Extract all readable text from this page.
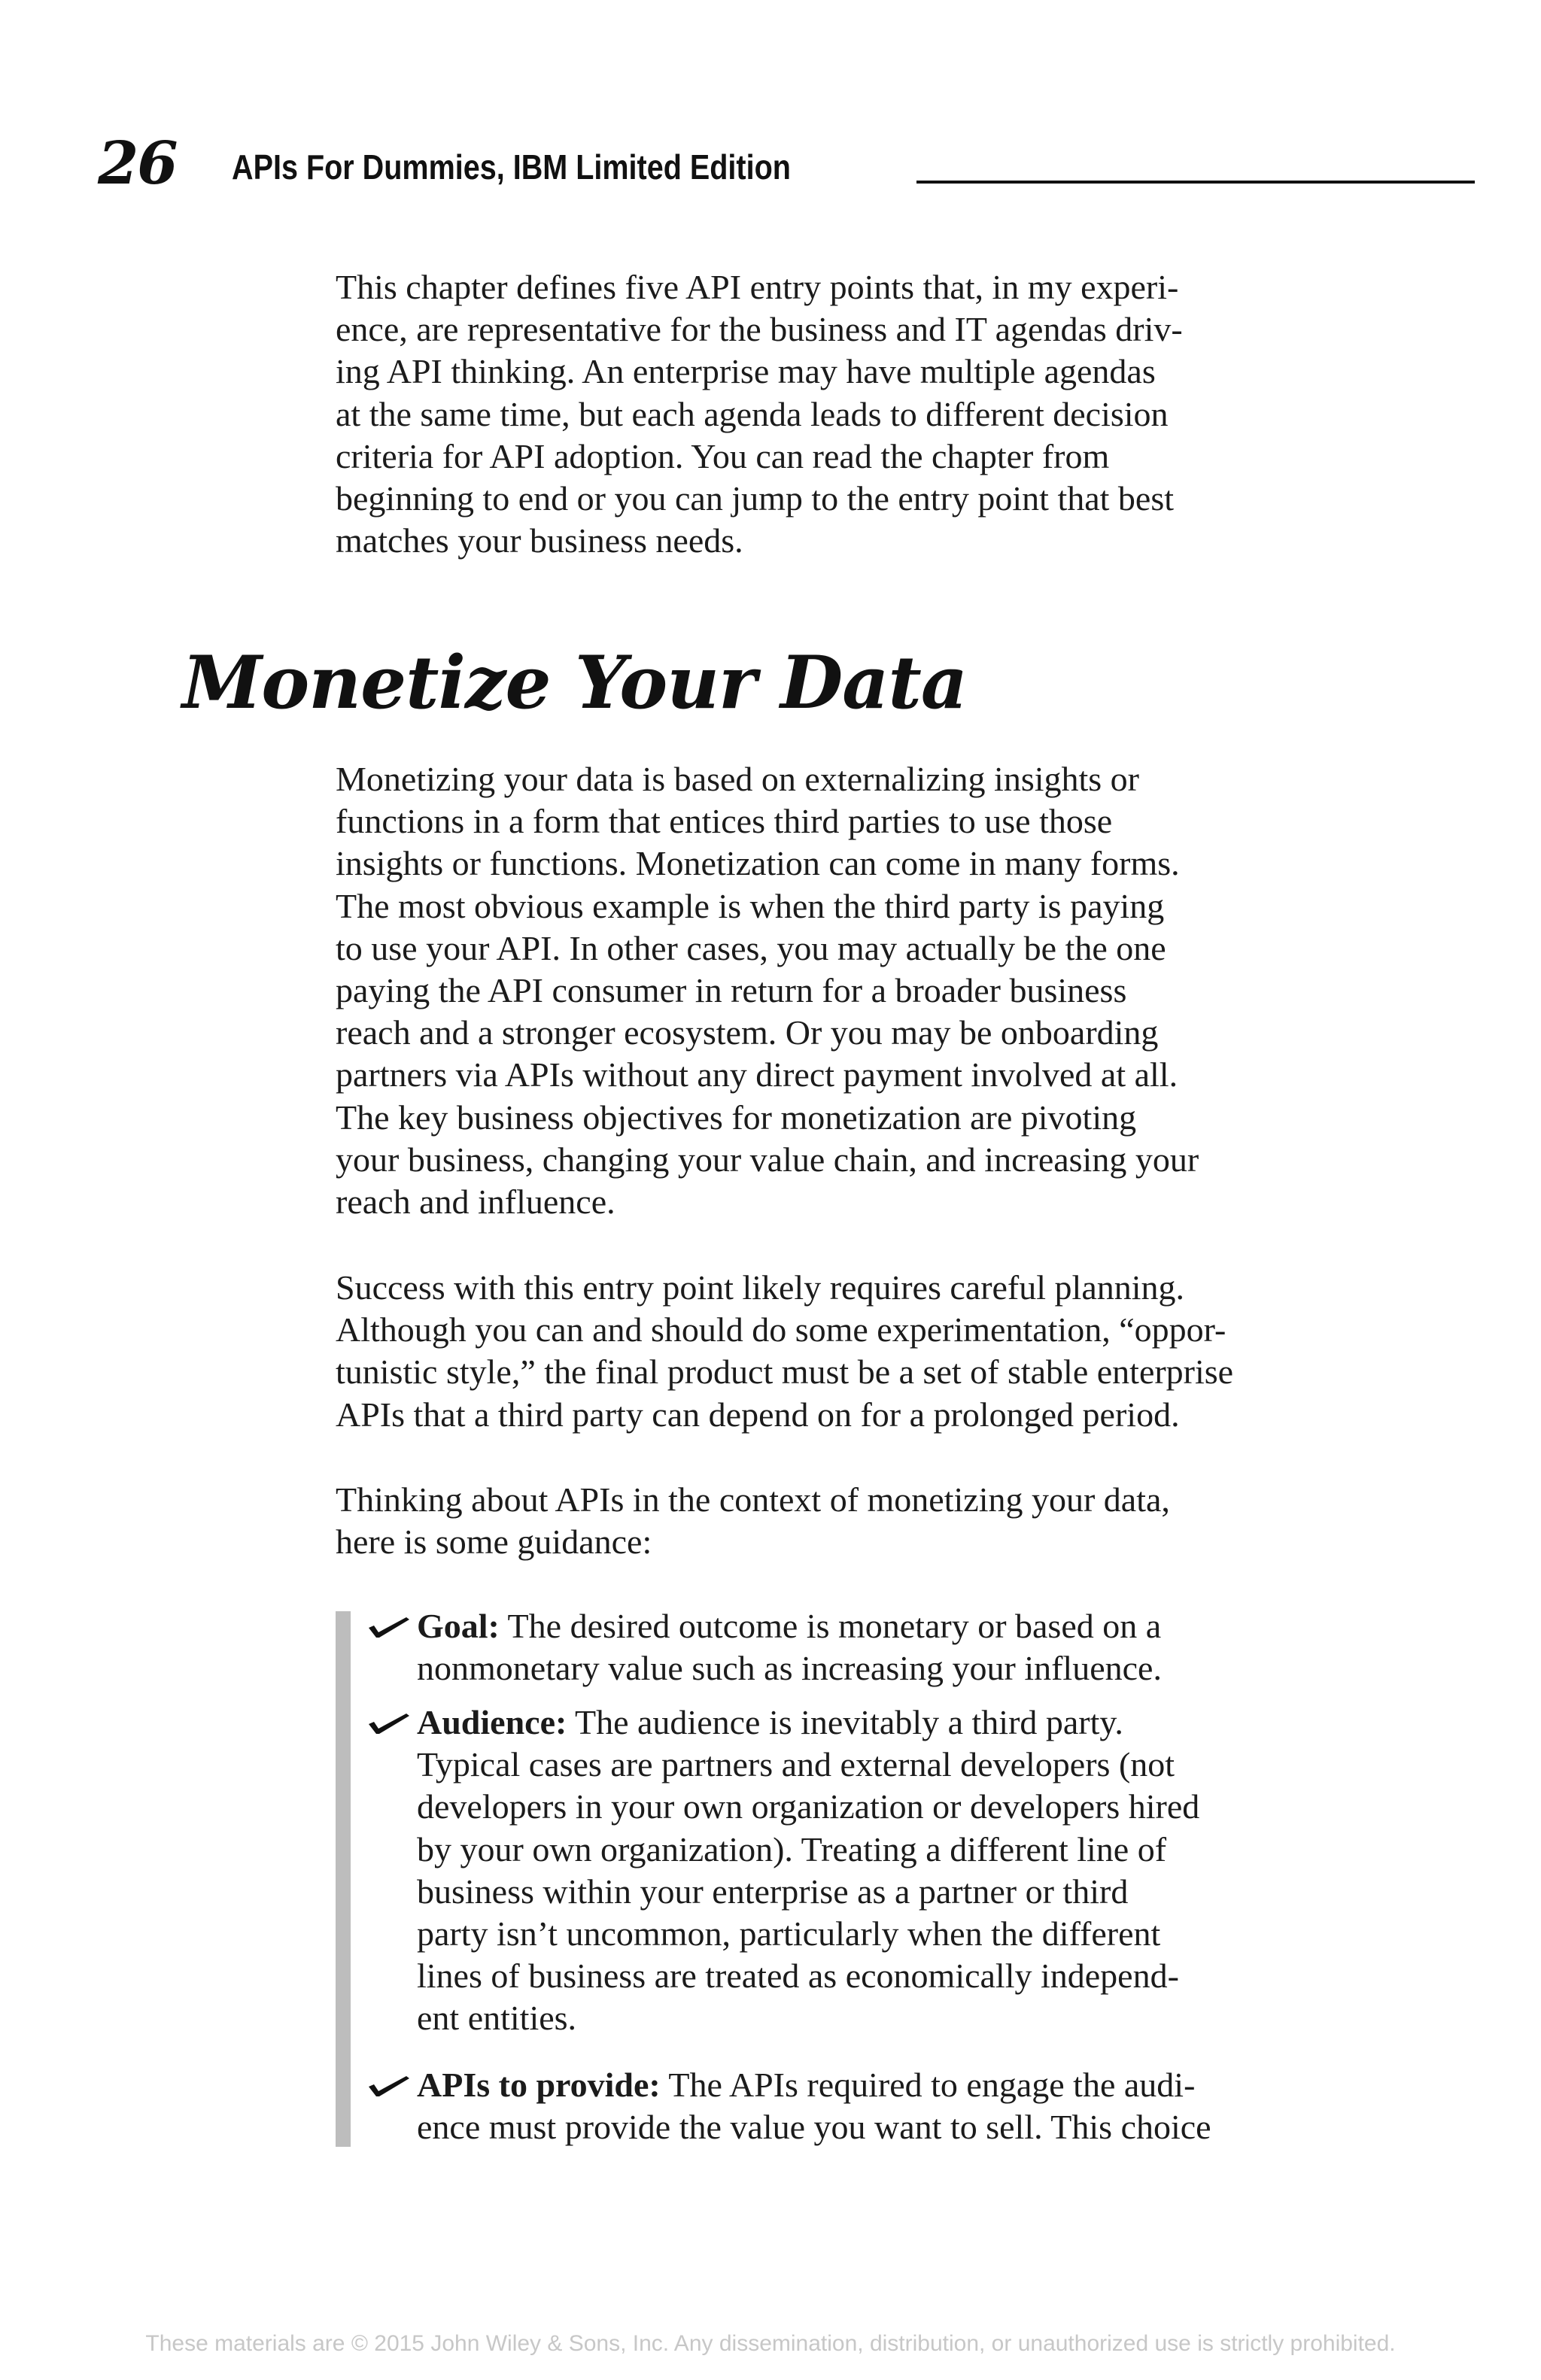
26 APIs For Dummies, IBM Limited Edition

This chapter defines five API entry points that, in my experi-
ence, are representative for the business and IT agendas driv-
ing API thinking. An enterprise may have multiple agendas
at the same time, but each agenda leads to different decision
criteria for API adoption. You can read the chapter from
beginning to end or you can jump to the entry point that best
matches your business needs.

Monetize Your Data

Monetizing your data is based on externalizing insights or
functions in a form that entices third parties to use those
insights or functions. Monetization can come in many forms.
The most obvious example is when the third party is paying
to use your API. In other cases, you may actually be the one
paying the API consumer in return for a broader business
reach and a stronger ecosystem. Or you may be onboarding
partners via APIs without any direct payment involved at all.
The key business objectives for monetization are pivoting
your business, changing your value chain, and increasing your
reach and influence.

Success with this entry point likely requires careful planning.
Although you can and should do some experimentation, “oppor-
tunistic style,” the final product must be a set of stable enterprise
APIs that a third party can depend on for a prolonged period.

Thinking about APIs in the context of monetizing your data,
here is some guidance:

Goal: The desired outcome is monetary or based on a
nonmonetary value such as increasing your influence.
Audience: The audience is inevitably a third party.
Typical cases are partners and external developers (not
developers in your own organization or developers hired
by your own organization). Treating a different line of
business within your enterprise as a partner or third
party isn’t uncommon, particularly when the different
lines of business are treated as economically independ-
ent entities.
APIs to provide: The APIs required to engage the audi-
ence must provide the value you want to sell. This choice
These materials are © 2015 John Wiley & Sons, Inc. Any dissemination, distribution, or unauthorized use is strictly prohibited.
